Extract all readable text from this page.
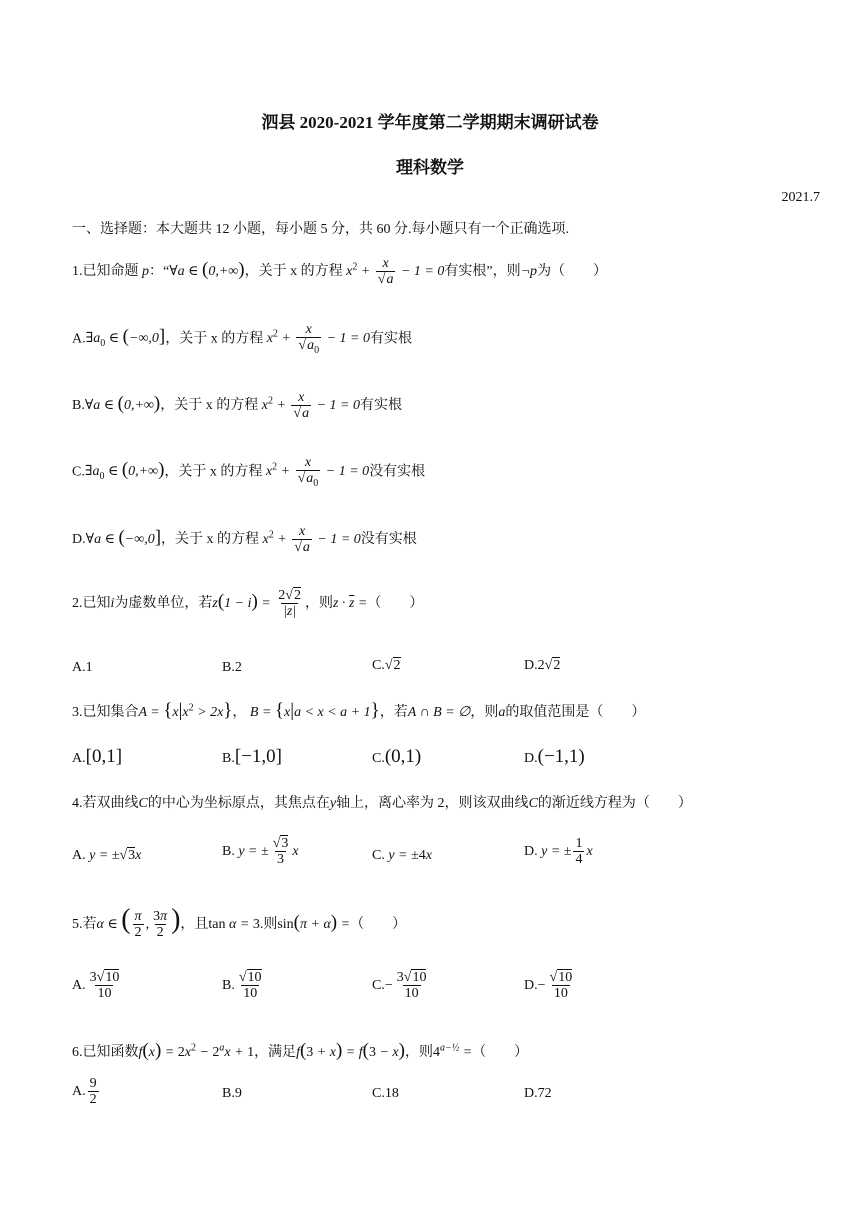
泗县 2020-2021 学年度第二学期期末调研试卷
理科数学
2021.7
一、选择题：本大题共 12 小题，每小题 5 分，共 60 分.每小题只有一个正确选项.
1.已知命题 p：“∀a ∈ (0,+∞)，关于 x 的方程 $x^2 + \frac{x}{√a} - 1 = 0$有实根”，则¬p为（　　）
$A.\exists a_0$ ∈ (−∞,0]，关于 x 的方程 $x^2 + \frac{x}{√a_0} - 1 = 0$有实根
B.∀a ∈ (0,+∞)，关于 x 的方程 $x^2 + \frac{x}{√a} - 1 = 0$有实根
$C.\exists a_0$ ∈ (0,+∞)，关于 x 的方程 $x^2 + \frac{x}{√a_0} - 1 = 0$没有实根
D.∀a ∈ (−∞,0]，关于 x 的方程 $x^2 + \frac{x}{√a} - 1 = 0$没有实根
2.已知i为虚数单位，若$z(1 - i) = \frac{2√2}{|z|}$ ，则$z \cdot \overline{z}$ =（　　）
A.1	B.2	C.√2	D.2√2
3.已知集合$A = \{x|x^2 > 2x\}$， B = {x|a < x < a + 1}，若A ∩ B = ∅，则a的取值范围是（　　）
A.[0,1]	B.[−1,0]	C.(0,1)	D.(−1,1)
4.若双曲线C的中心为坐标原点，其焦点在y轴上，离心率为 2，则该双曲线C的渐近线方程为（　　）
A. y = ±√3x	B. y = ± $\frac{√3}{3}$ x	C. y = ±4x	D. y = ± $\frac{1}{4}$ x
5.若α ∈ ( $\frac{\pi}{2}$ , $\frac{3\pi}{2}$ )，且tan α = 3.则sin(π + α) =（　　）
A. $\frac{3√10}{10}$	B. $\frac{√10}{10}$	$C.- \frac{3√10}{10}$	$D.- \frac{√10}{10}$
6.已知函数$f(x) = 2x^2 - 2^ax + 1$，满足f(3 + x) = f(3 − x)，则$4^{a-\frac{1}{2}}$ =（　　）
A. $\frac{9}{2}$	B.9	C.18	D.72
